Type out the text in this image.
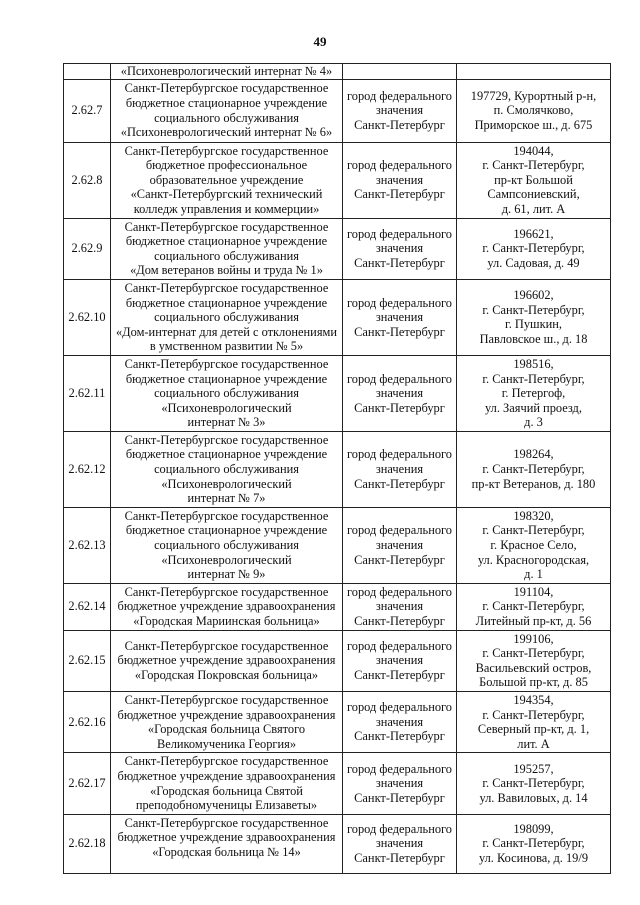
49

	«Психоневрологический интернат № 4»		

2.62.7	Санкт-Петербургское государственное
бюджетное стационарное учреждение
социального обслуживания
«Психоневрологический интернат № 6»	город федерального
значения
Санкт-Петербург	197729, Курортный р-н,
п. Смолячково,
Приморское ш., д. 675

2.62.8	Санкт-Петербургское государственное
бюджетное профессиональное
образовательное учреждение
«Санкт-Петербургский технический
колледж управления и коммерции»	город федерального
значения
Санкт-Петербург	194044,
г. Санкт-Петербург,
пр-кт Большой
Сампсониевский,
д. 61, лит. А

2.62.9	Санкт-Петербургское государственное
бюджетное стационарное учреждение
социального обслуживания
«Дом ветеранов войны и труда № 1»	город федерального
значения
Санкт-Петербург	196621,
г. Санкт-Петербург,
ул. Садовая, д. 49

2.62.10	Санкт-Петербургское государственное
бюджетное стационарное учреждение
социального обслуживания
«Дом-интернат для детей с отклонениями
в умственном развитии № 5»	город федерального
значения
Санкт-Петербург	196602,
г. Санкт-Петербург,
г. Пушкин,
Павловское ш., д. 18

2.62.11	Санкт-Петербургское государственное
бюджетное стационарное учреждение
социального обслуживания
«Психоневрологический
интернат № 3»	город федерального
значения
Санкт-Петербург	198516,
г. Санкт-Петербург,
г. Петергоф,
ул. Заячий проезд,
д. 3

2.62.12	Санкт-Петербургское государственное
бюджетное стационарное учреждение
социального обслуживания
«Психоневрологический
интернат № 7»	город федерального
значения
Санкт-Петербург	198264,
г. Санкт-Петербург,
пр-кт Ветеранов, д. 180

2.62.13	Санкт-Петербургское государственное
бюджетное стационарное учреждение
социального обслуживания
«Психоневрологический
интернат № 9»	город федерального
значения
Санкт-Петербург	198320,
г. Санкт-Петербург,
г. Красное Село,
ул. Красногородская,
д. 1

2.62.14	Санкт-Петербургское государственное
бюджетное учреждение здравоохранения
«Городская Мариинская больница»	город федерального
значения
Санкт-Петербург	191104,
г. Санкт-Петербург,
Литейный пр-кт, д. 56

2.62.15	Санкт-Петербургское государственное
бюджетное учреждение здравоохранения
«Городская Покровская больница»	город федерального
значения
Санкт-Петербург	199106,
г. Санкт-Петербург,
Васильевский остров,
Большой пр-кт, д. 85

2.62.16	Санкт-Петербургское государственное
бюджетное учреждение здравоохранения
«Городская больница Святого
Великомученика Георгия»	город федерального
значения
Санкт-Петербург	194354,
г. Санкт-Петербург,
Северный пр-кт, д. 1,
лит. А

2.62.17	Санкт-Петербургское государственное
бюджетное учреждение здравоохранения
«Городская больница Святой
преподобномученицы Елизаветы»	город федерального
значения
Санкт-Петербург	195257,
г. Санкт-Петербург,
ул. Вавиловых, д. 14

2.62.18	Санкт-Петербургское государственное
бюджетное учреждение здравоохранения
«Городская больница № 14»	город федерального
значения
Санкт-Петербург	198099,
г. Санкт-Петербург,
ул. Косинова, д. 19/9
